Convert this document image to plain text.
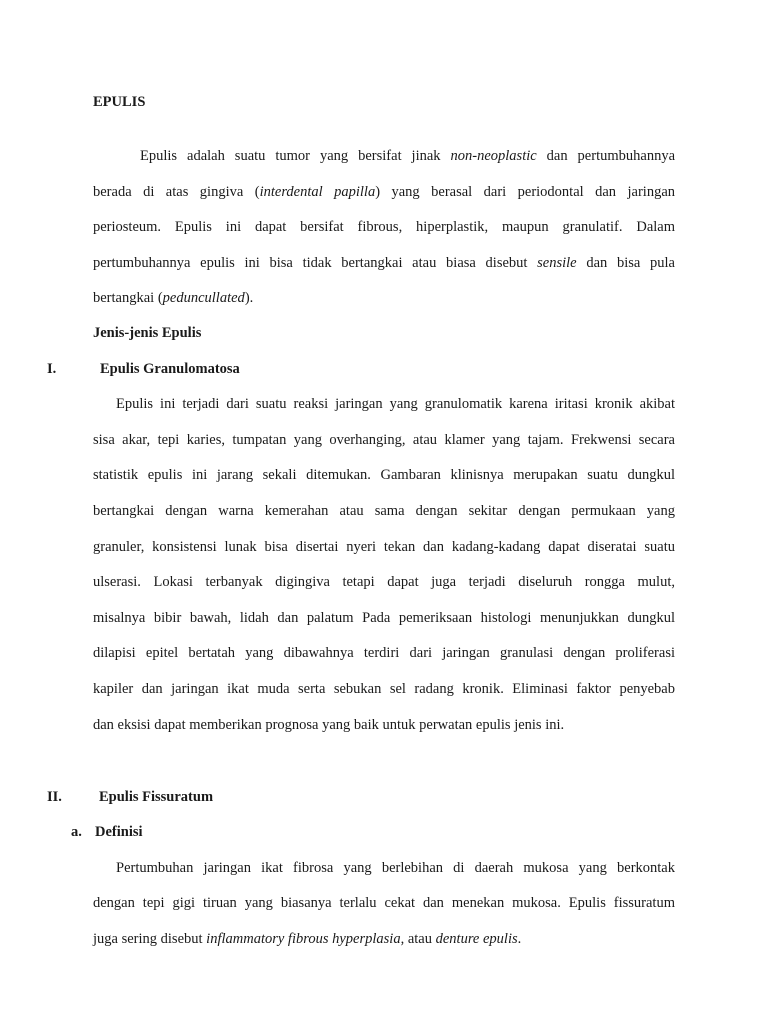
EPULIS
Epulis adalah suatu tumor yang bersifat jinak non-neoplastic dan pertumbuhannya
berada di atas gingiva (interdental papilla) yang berasal dari periodontal dan jaringan
periosteum. Epulis ini dapat bersifat fibrous, hiperplastik, maupun granulatif. Dalam
pertumbuhannya epulis ini bisa tidak bertangkai atau biasa disebut sensile dan bisa pula
bertangkai (peduncullated).
Jenis-jenis Epulis
I.	Epulis Granulomatosa
Epulis ini terjadi dari suatu reaksi jaringan yang granulomatik karena iritasi kronik akibat
sisa akar, tepi karies, tumpatan yang overhanging, atau klamer yang tajam. Frekwensi secara
statistik epulis ini jarang sekali ditemukan. Gambaran klinisnya merupakan suatu dungkul
bertangkai dengan warna kemerahan atau sama dengan sekitar dengan permukaan yang
granuler, konsistensi lunak bisa disertai nyeri tekan dan kadang-kadang dapat diseratai suatu
ulserasi. Lokasi terbanyak digingiva tetapi dapat juga terjadi diseluruh rongga mulut,
misalnya bibir bawah, lidah dan palatum Pada pemeriksaan histologi menunjukkan dungkul
dilapisi epitel bertatah yang dibawahnya terdiri dari jaringan granulasi dengan proliferasi
kapiler dan jaringan ikat muda serta sebukan sel radang kronik. Eliminasi faktor penyebab
dan eksisi dapat memberikan prognosa yang baik untuk perwatan epulis jenis ini.
II.	Epulis Fissuratum
a. Definisi
Pertumbuhan jaringan ikat fibrosa yang berlebihan di daerah mukosa yang berkontak
dengan tepi gigi tiruan yang biasanya terlalu cekat dan menekan mukosa. Epulis fissuratum
juga sering disebut inflammatory fibrous hyperplasia, atau denture epulis.
